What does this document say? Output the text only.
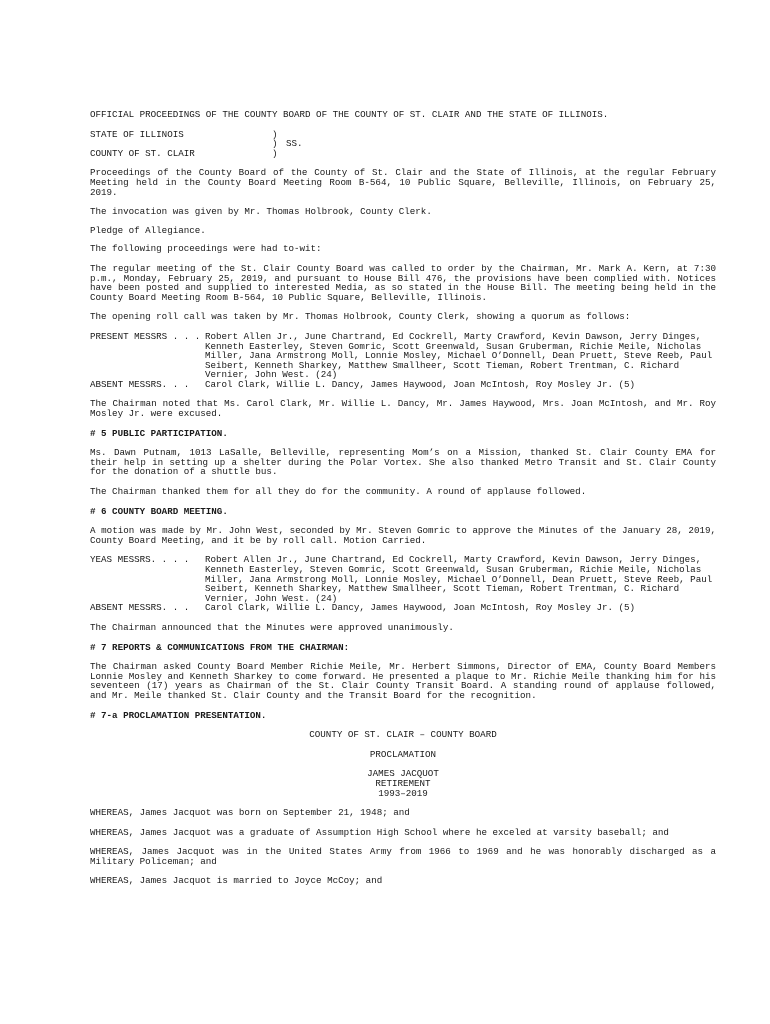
OFFICIAL PROCEEDINGS OF THE COUNTY BOARD OF THE COUNTY OF ST. CLAIR AND THE STATE OF ILLINOIS.

STATE OF ILLINOIS	)
) SS.
COUNTY OF ST. CLAIR	)

Proceedings of the County Board of the County of St. Clair and the State of Illinois, at the regular February Meeting held in the County Board Meeting Room B-564, 10 Public Square, Belleville, Illinois, on February 25, 2019.

The invocation was given by Mr. Thomas Holbrook, County Clerk.

Pledge of Allegiance.

The following proceedings were had to-wit:

The regular meeting of the St. Clair County Board was called to order by the Chairman, Mr. Mark A. Kern, at 7:30 p.m., Monday, February 25, 2019, and pursuant to House Bill 476, the provisions have been complied with. Notices have been posted and supplied to interested Media, as so stated in the House Bill. The meeting being held in the County Board Meeting Room B-564, 10 Public Square, Belleville, Illinois.

The opening roll call was taken by Mr. Thomas Holbrook, County Clerk, showing a quorum as follows:

PRESENT MESSRS . . . Robert Allen Jr., June Chartrand, Ed Cockrell, Marty Crawford, Kevin Dawson, Jerry Dinges, Kenneth Easterley, Steven Gomric, Scott Greenwald, Susan Gruberman, Richie Meile, Nicholas Miller, Jana Armstrong Moll, Lonnie Mosley, Michael O’Donnell, Dean Pruett, Steve Reeb, Paul Seibert, Kenneth Sharkey, Matthew Smallheer, Scott Tieman, Robert Trentman, C. Richard Vernier, John West. (24)
ABSENT MESSRS. . .	Carol Clark, Willie L. Dancy, James Haywood, Joan McIntosh, Roy Mosley Jr. (5)

The Chairman noted that Ms. Carol Clark, Mr. Willie L. Dancy, Mr. James Haywood, Mrs. Joan McIntosh, and Mr. Roy Mosley Jr. were excused.

# 5 PUBLIC PARTICIPATION.

Ms. Dawn Putnam, 1013 LaSalle, Belleville, representing Mom’s on a Mission, thanked St. Clair County EMA for their help in setting up a shelter during the Polar Vortex. She also thanked Metro Transit and St. Clair County for the donation of a shuttle bus.

The Chairman thanked them for all they do for the community. A round of applause followed.

# 6 COUNTY BOARD MEETING.

A motion was made by Mr. John West, seconded by Mr. Steven Gomric to approve the Minutes of the January 28, 2019, County Board Meeting, and it be by roll call. Motion Carried.

YEAS MESSRS. . . .	Robert Allen Jr., June Chartrand, Ed Cockrell, Marty Crawford, Kevin Dawson, Jerry Dinges, Kenneth Easterley, Steven Gomric, Scott Greenwald, Susan Gruberman, Richie Meile, Nicholas Miller, Jana Armstrong Moll, Lonnie Mosley, Michael O’Donnell, Dean Pruett, Steve Reeb, Paul Seibert, Kenneth Sharkey, Matthew Smallheer, Scott Tieman, Robert Trentman, C. Richard Vernier, John West. (24)
ABSENT MESSRS. . .	Carol Clark, Willie L. Dancy, James Haywood, Joan McIntosh, Roy Mosley Jr. (5)

The Chairman announced that the Minutes were approved unanimously.

# 7 REPORTS & COMMUNICATIONS FROM THE CHAIRMAN:

The Chairman asked County Board Member Richie Meile, Mr. Herbert Simmons, Director of EMA, County Board Members Lonnie Mosley and Kenneth Sharkey to come forward. He presented a plaque to Mr. Richie Meile thanking him for his seventeen (17) years as Chairman of the St. Clair County Transit Board. A standing round of applause followed, and Mr. Meile thanked St. Clair County and the Transit Board for the recognition.

# 7-a PROCLAMATION PRESENTATION.

COUNTY OF ST. CLAIR – COUNTY BOARD

PROCLAMATION

JAMES JACQUOT

RETIREMENT

1993–2019

WHEREAS, James Jacquot was born on September 21, 1948; and

WHEREAS, James Jacquot was a graduate of Assumption High School where he exceled at varsity baseball; and

WHEREAS, James Jacquot was in the United States Army from 1966 to 1969 and he was honorably discharged as a Military Policeman; and

WHEREAS, James Jacquot is married to Joyce McCoy; and
